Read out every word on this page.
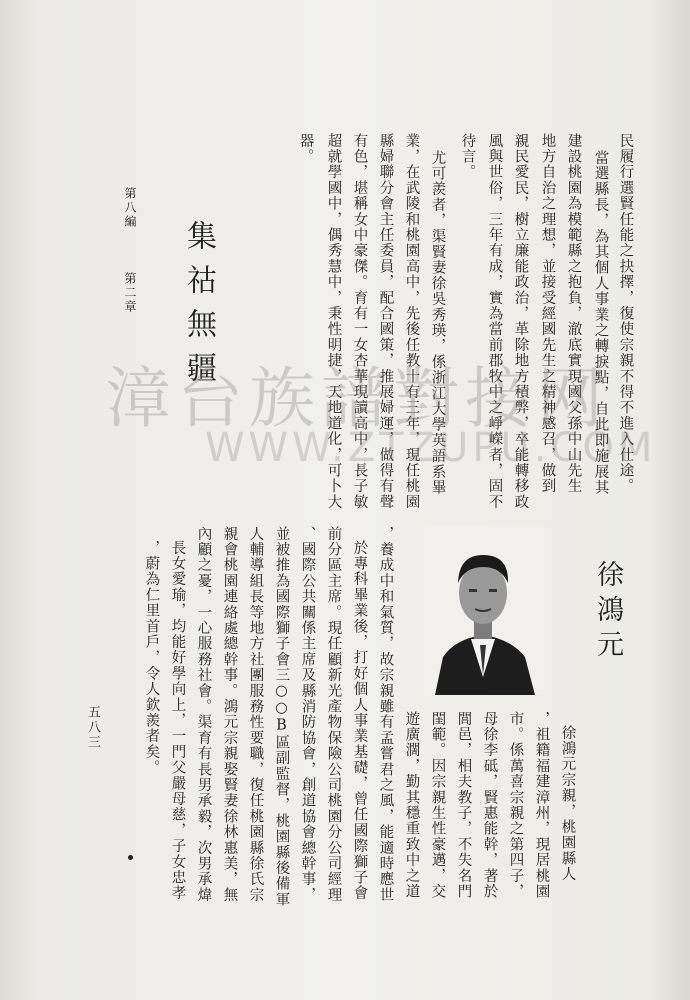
民履行選賢任能之抉擇，復使宗親不得不進入仕途。
當選縣長，為其個人事業之轉捩點，自此即施展其
建設桃園為模範縣之抱負，澈底實現國父孫中山先生
地方自治之理想，並接受經國先生之精神感召，做到
親民愛民，樹立廉能政治，革除地方積弊，卒能轉移政
風與世俗，三年有成，實為當前郡牧中之崢嶸者，固不
待言。
尤可羨者，渠賢妻徐吳秀瑛，係浙江大學英語系畢
業，在武陵和桃園高中，先後任教十有三年，現任桃園
縣婦聯分會主任委員，配合國策，推展婦運，做得有聲
有色，堪稱女中豪傑。育有一女杏華現讀高中，長子敏
超就學國中，偶秀慧中，秉性明捷，天地道化，可卜大
器。
集祜無疆
第八編
第二章
徐鴻元
徐鴻元宗親，桃園縣人
，祖籍福建漳州，現居桃園
市。係萬喜宗親之第四子，
母徐李砥，賢惠能幹，著於
閭邑，相夫教子，不失名門
閨範。因宗親生性豪邁，交
遊廣濶，勤其穩重致中之道
，養成中和氣質，故宗親雖有孟嘗君之風，能適時應世
於專科畢業後，打好個人事業基礎，曾任國際獅子會
前分區主席。現任顧新光產物保險公司桃園分公司經理
、國際公共關係主席及縣消防協會，創道協會總幹事，
並被推為國際獅子會三○○B區副監督，桃園縣後備軍
人輔導組長等地方社團服務性要職，復任桃園縣徐氏宗
親會桃園連絡處總幹事。鴻元宗親娶賢妻徐林惠美，無
內顧之憂，一心服務社會。渠育有長男承毅，次男承煒
長女愛瑜，均能好學向上，一門父嚴母慈，子女忠孝
，蔚為仁里首戶，令人欽羨者矣。
五八三
漳台族譜對接网
WWW.ZTZUPU.COM
